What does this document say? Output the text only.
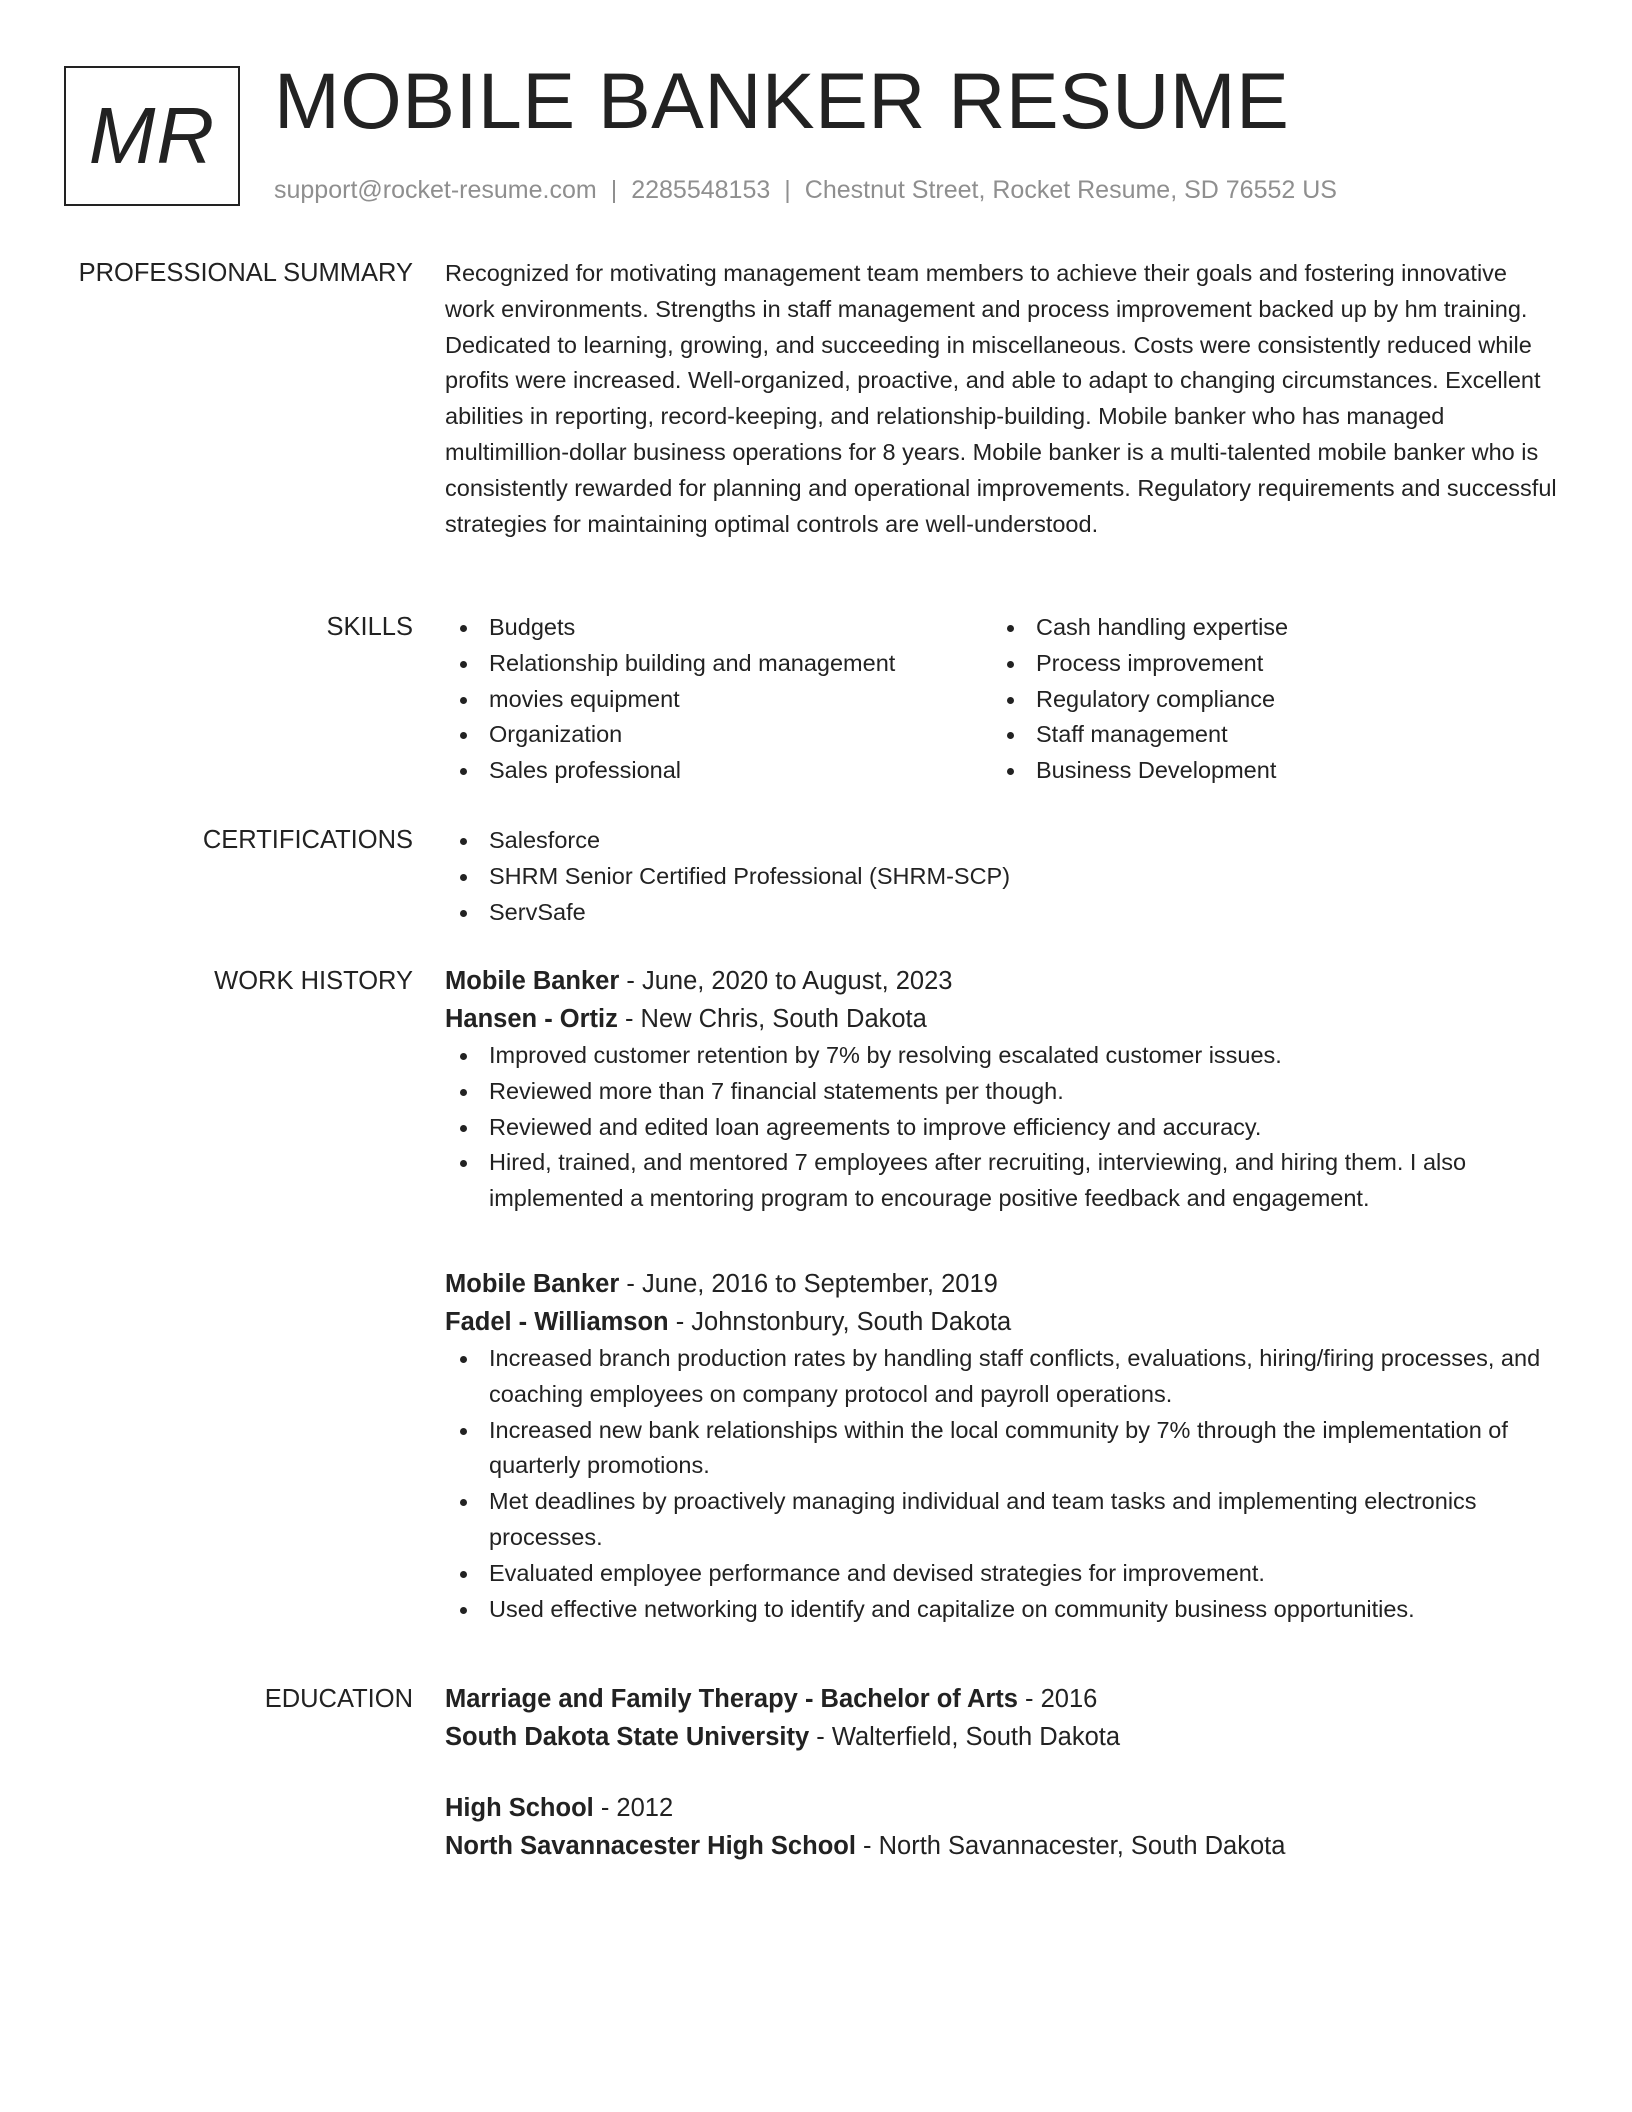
MR MOBILE BANKER RESUME
support@rocket-resume.com | 2285548153 | Chestnut Street, Rocket Resume, SD 76552 US
PROFESSIONAL SUMMARY Recognized for motivating management team members to achieve their goals and fostering innovative work environments. Strengths in staff management and process improvement backed up by hm training. Dedicated to learning, growing, and succeeding in miscellaneous. Costs were consistently reduced while profits were increased. Well-organized, proactive, and able to adapt to changing circumstances. Excellent abilities in reporting, record-keeping, and relationship-building. Mobile banker who has managed multimillion-dollar business operations for 8 years. Mobile banker is a multi-talented mobile banker who is consistently rewarded for planning and operational improvements. Regulatory requirements and successful strategies for maintaining optimal controls are well-understood.
SKILLS	Budgets
Relationship building and management
movies equipment
Organization
Sales professional
Cash handling expertise
Process improvement
Regulatory compliance
Staff management
Business Development
CERTIFICATIONS	Salesforce
SHRM Senior Certified Professional (SHRM-SCP)
ServSafe
WORK HISTORY Mobile Banker - June, 2020 to August, 2023
Hansen - Ortiz - New Chris, South Dakota
Improved customer retention by 7% by resolving escalated customer issues.
Reviewed more than 7 financial statements per though.
Reviewed and edited loan agreements to improve efficiency and accuracy.
Hired, trained, and mentored 7 employees after recruiting, interviewing, and hiring them. I also implemented a mentoring program to encourage positive feedback and engagement.
Mobile Banker - June, 2016 to September, 2019
Fadel - Williamson - Johnstonbury, South Dakota
Increased branch production rates by handling staff conflicts, evaluations, hiring/firing processes, and coaching employees on company protocol and payroll operations.
Increased new bank relationships within the local community by 7% through the implementation of quarterly promotions.
Met deadlines by proactively managing individual and team tasks and implementing electronics processes.
Evaluated employee performance and devised strategies for improvement.
Used effective networking to identify and capitalize on community business opportunities.
EDUCATION Marriage and Family Therapy - Bachelor of Arts - 2016
South Dakota State University - Walterfield, South Dakota
High School - 2012
North Savannacester High School - North Savannacester, South Dakota
